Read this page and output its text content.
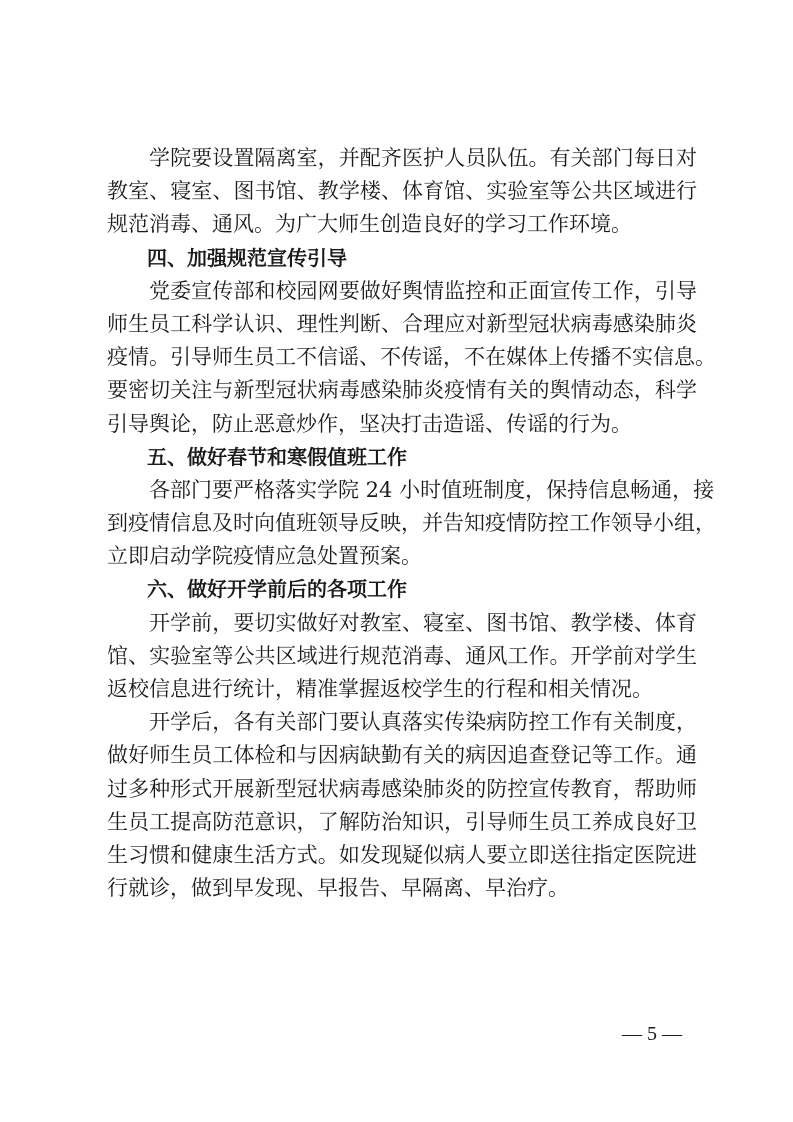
学院要设置隔离室，并配齐医护人员队伍。有关部门每日对
教室、寝室、图书馆、教学楼、体育馆、实验室等公共区域进行
规范消毒、通风。为广大师生创造良好的学习工作环境。
四、加强规范宣传引导
党委宣传部和校园网要做好舆情监控和正面宣传工作，引导
师生员工科学认识、理性判断、合理应对新型冠状病毒感染肺炎
疫情。引导师生员工不信谣、不传谣，不在媒体上传播不实信息。
要密切关注与新型冠状病毒感染肺炎疫情有关的舆情动态，科学
引导舆论，防止恶意炒作，坚决打击造谣、传谣的行为。
五、做好春节和寒假值班工作
各部门要严格落实学院 24 小时值班制度，保持信息畅通，接
到疫情信息及时向值班领导反映，并告知疫情防控工作领导小组，
立即启动学院疫情应急处置预案。
六、做好开学前后的各项工作
开学前，要切实做好对教室、寝室、图书馆、教学楼、体育
馆、实验室等公共区域进行规范消毒、通风工作。开学前对学生
返校信息进行统计，精准掌握返校学生的行程和相关情况。
开学后，各有关部门要认真落实传染病防控工作有关制度，
做好师生员工体检和与因病缺勤有关的病因追查登记等工作。通
过多种形式开展新型冠状病毒感染肺炎的防控宣传教育，帮助师
生员工提高防范意识，了解防治知识，引导师生员工养成良好卫
生习惯和健康生活方式。如发现疑似病人要立即送往指定医院进
行就诊，做到早发现、早报告、早隔离、早治疗。
— 5 —
